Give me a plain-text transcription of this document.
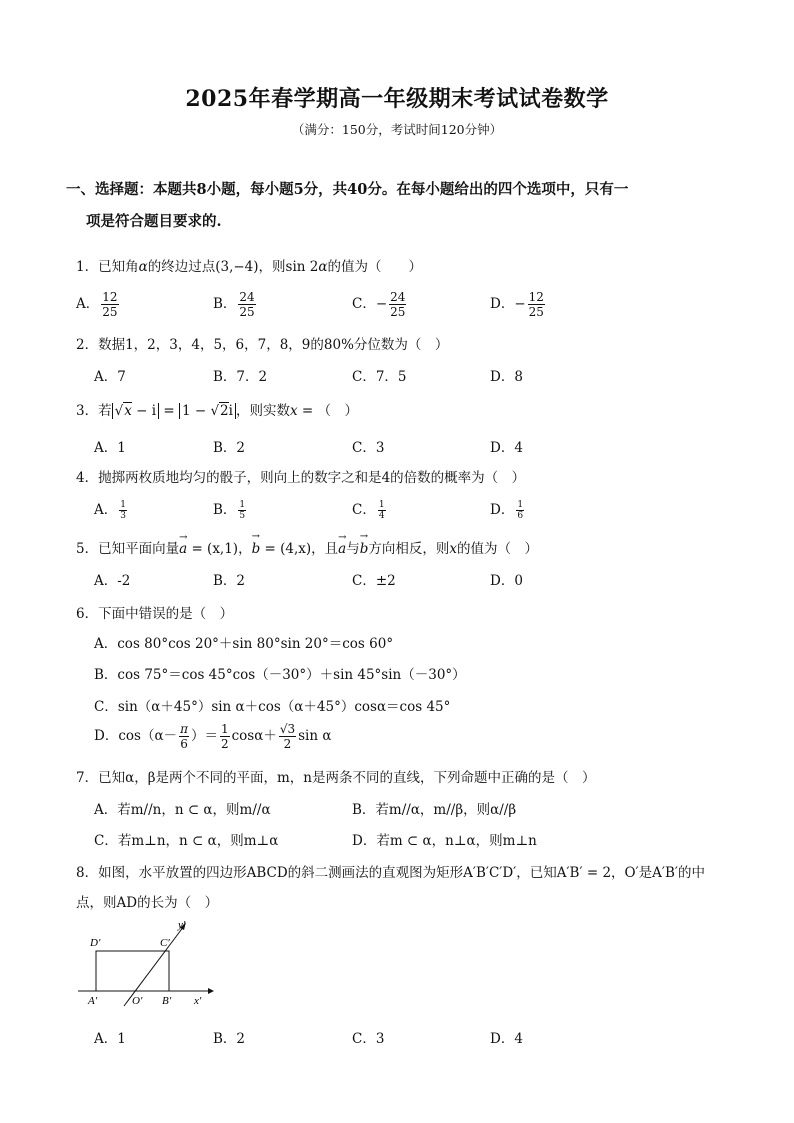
2025年春学期高一年级期末考试试卷数学
（满分：150分，考试时间120分钟）
一、选择题：本题共8小题，每小题5分，共40分。在每小题给出的四个选项中，只有一
项是符合题目要求的.
1．已知角α的终边过点(3,−4)，则sin 2α的值为（　　）
A． $\frac{12}{25}$	B． $\frac{24}{25}$	C．− $\frac{24}{25}$	D．− $\frac{12}{25}$
2．数据1，2，3，4，5，6，7，8，9的80%分位数为（　）
A．7	B．7．2	C．7．5	D．8
3．若 √x − i = 1 − √2i ，则实数x = （　）
A．1	B．2	C．3	D．4
4．抛掷两枚质地均匀的骰子，则向上的数字之和是4的倍数的概率为（　）
A． $\frac{1}{3}$	B． $\frac{1}{5}$	C． $\frac{1}{4}$	D． $\frac{1}{6}$
5．已知平面向量a
→
= (x,1)，b
→
= (4,x)，且a
→
与b
→
方向相反，则x的值为（　）
A．-2	B．2	C．±2	D．0
6．下面中错误的是（　）
A．cos 80°cos 20°＋sin 80°sin 20°＝cos 60°
B．cos 75°＝cos 45°cos（－30°）＋sin 45°sin（－30°）
C．sin（α＋45°）sin α＋cos（α＋45°）cosα＝cos 45°
D．$\cos(\alpha- \frac{\pi}{6}$ ）＝ $\frac{1}{2} \cos\alpha+ \frac{√3}{2}$ sin α
7．已知α，β是两个不同的平面，m，n是两条不同的直线，下列命题中正确的是（　）
A．若m//n，n ⊂ α，则m//α	B．若m//α，m//β，则α//β
C．若m⊥n，n ⊂ α，则m⊥α	D．若m ⊂ α，n⊥α，则m⊥n
8．如图，水平放置的四边形ABCD的斜二测画法的直观图为矩形A′B′C′D′，已知A′B′ = 2，O′是A′B′的中
点，则AD的长为（　）
y′
D′	C′
A′	O′ B′ x′
A．1	B．2	C．3	D．4
